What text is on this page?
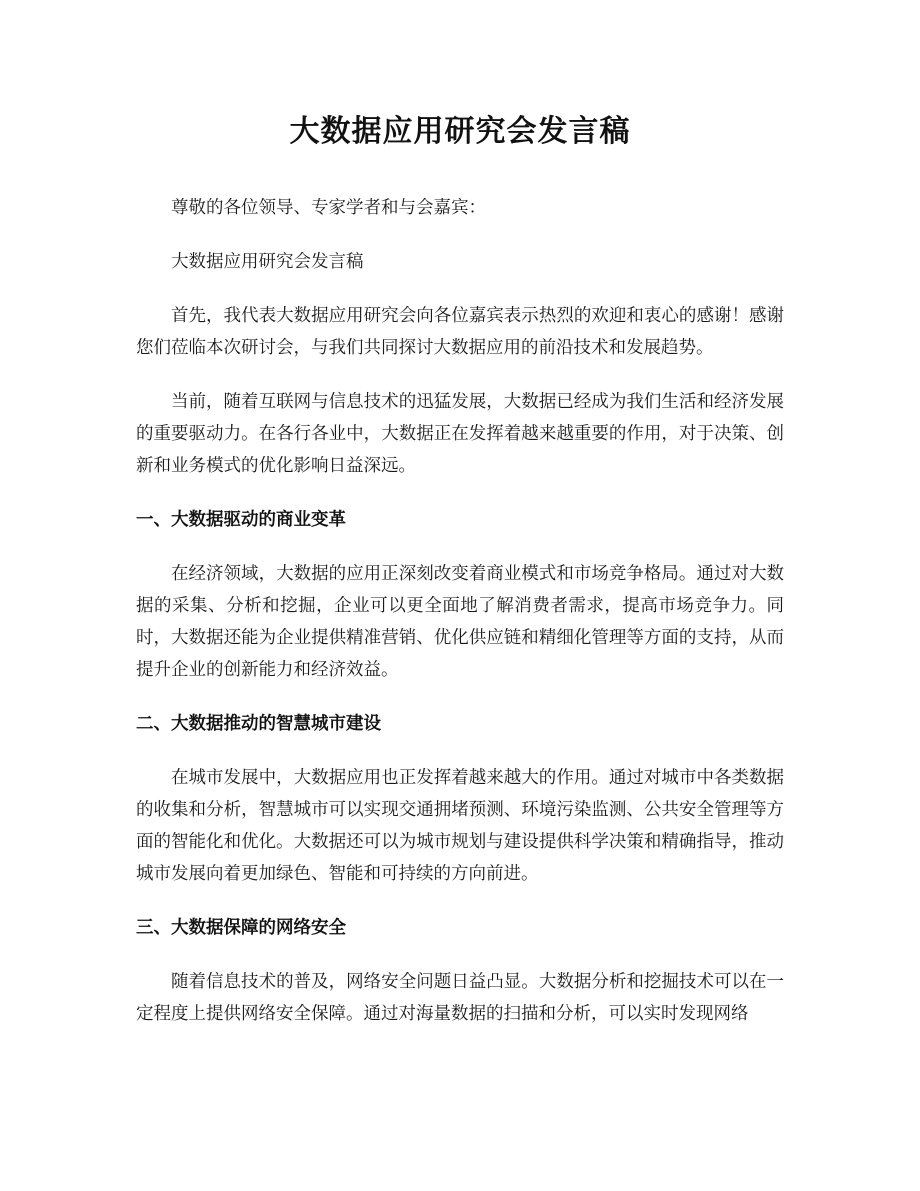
大数据应用研究会发言稿

尊敬的各位领导、专家学者和与会嘉宾：

大数据应用研究会发言稿

首先，我代表大数据应用研究会向各位嘉宾表示热烈的欢迎和衷心的感谢！感谢您们莅临本次研讨会，与我们共同探讨大数据应用的前沿技术和发展趋势。

当前，随着互联网与信息技术的迅猛发展，大数据已经成为我们生活和经济发展的重要驱动力。在各行各业中，大数据正在发挥着越来越重要的作用，对于决策、创新和业务模式的优化影响日益深远。

一、大数据驱动的商业变革

在经济领域，大数据的应用正深刻改变着商业模式和市场竞争格局。通过对大数据的采集、分析和挖掘，企业可以更全面地了解消费者需求，提高市场竞争力。同时，大数据还能为企业提供精准营销、优化供应链和精细化管理等方面的支持，从而提升企业的创新能力和经济效益。

二、大数据推动的智慧城市建设

在城市发展中，大数据应用也正发挥着越来越大的作用。通过对城市中各类数据的收集和分析，智慧城市可以实现交通拥堵预测、环境污染监测、公共安全管理等方面的智能化和优化。大数据还可以为城市规划与建设提供科学决策和精确指导，推动城市发展向着更加绿色、智能和可持续的方向前进。

三、大数据保障的网络安全

随着信息技术的普及，网络安全问题日益凸显。大数据分析和挖掘技术可以在一定程度上提供网络安全保障。通过对海量数据的扫描和分析，可以实时发现网络
